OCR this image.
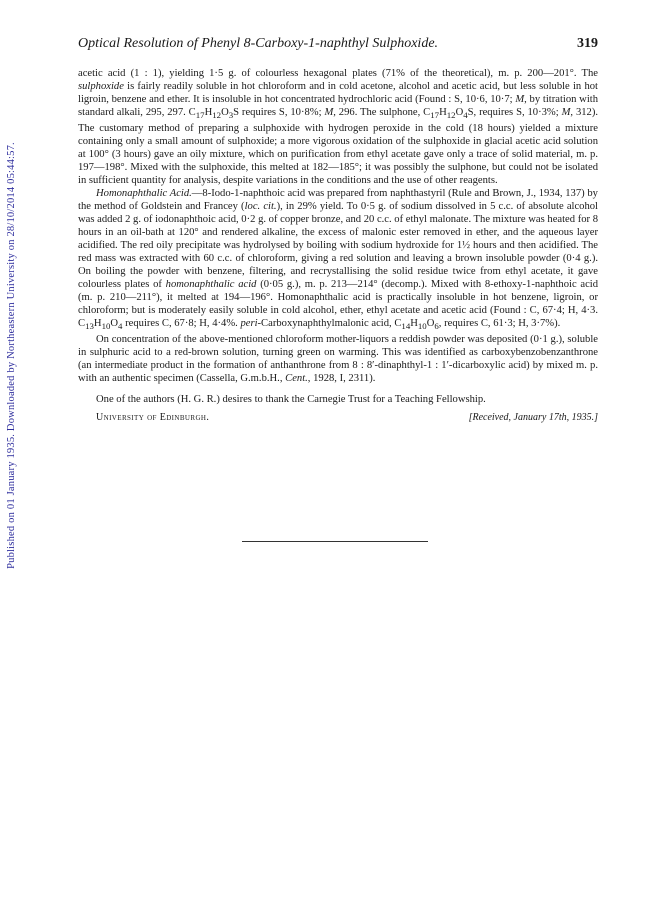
Published on 01 January 1935. Downloaded by Northeastern University on 28/10/2014 05:44:57.
Optical Resolution of Phenyl 8-Carboxy-1-naphthyl Sulphoxide.	319

acetic acid (1 : 1), yielding 1·5 g. of colourless hexagonal plates (71% of the theoretical), m. p. 200—201°. The sulphoxide is fairly readily soluble in hot chloroform and in cold acetone, alcohol and acetic acid, but less soluble in hot ligroin, benzene and ether. It is insoluble in hot concentrated hydrochloric acid (Found : S, 10·6, 10·7; M, by titration with standard alkali, 295, 297. $C_{17}H_{12}O_3S$ requires S, 10·8%; M, 296. The sulphone, $C_{17}H_{12}O_4S$, requires S, 10·3%; M, 312). The customary method of preparing a sulphoxide with hydrogen peroxide in the cold (18 hours) yielded a mixture containing only a small amount of sulphoxide; a more vigorous oxidation of the sulphoxide in glacial acetic acid solution at 100° (3 hours) gave an oily mixture, which on purification from ethyl acetate gave only a trace of solid material, m. p. 197—198°. Mixed with the sulphoxide, this melted at 182—185°; it was possibly the sulphone, but could not be isolated in sufficient quantity for analysis, despite variations in the conditions and the use of other reagents.

Homonaphthalic Acid.—8-Iodo-1-naphthoic acid was prepared from naphthastyril (Rule and Brown, J., 1934, 137) by the method of Goldstein and Francey (loc. cit.), in 29% yield. To 0·5 g. of sodium dissolved in 5 c.c. of absolute alcohol was added 2 g. of iodonaphthoic acid, 0·2 g. of copper bronze, and 20 c.c. of ethyl malonate. The mixture was heated for 8 hours in an oil-bath at 120° and rendered alkaline, the excess of malonic ester removed in ether, and the aqueous layer acidified. The red oily precipitate was hydrolysed by boiling with sodium hydroxide for 1½ hours and then acidified. The red mass was extracted with 60 c.c. of chloroform, giving a red solution and leaving a brown insoluble powder (0·4 g.). On boiling the powder with benzene, filtering, and recrystallising the solid residue twice from ethyl acetate, it gave colourless plates of homonaphthalic acid (0·05 g.), m. p. 213—214° (decomp.). Mixed with 8-ethoxy-1-naphthoic acid (m. p. 210—211°), it melted at 194—196°. Homonaphthalic acid is practically insoluble in hot benzene, ligroin, or chloroform; but is moderately easily soluble in cold alcohol, ether, ethyl acetate and acetic acid (Found : C, 67·4; H, 4·3. $C_{13}H_{10}O_4$ requires C, 67·8; H, 4·4%. peri-Carboxynaphthylmalonic acid, $C_{14}H_{10}O_6$, requires C, 61·3; H, 3·7%).

On concentration of the above-mentioned chloroform mother-liquors a reddish powder was deposited (0·1 g.), soluble in sulphuric acid to a red-brown solution, turning green on warming. This was identified as carboxybenzobenzanthrone (an intermediate product in the formation of anthanthrone from 8 : 8′-dinaphthyl-1 : 1′-dicarboxylic acid) by mixed m. p. with an authentic specimen (Cassella, G.m.b.H., Cent., 1928, I, 2311).

One of the authors (H. G. R.) desires to thank the Carnegie Trust for a Teaching Fellowship.

University of Edinburgh.	[Received, January 17th, 1935.]
